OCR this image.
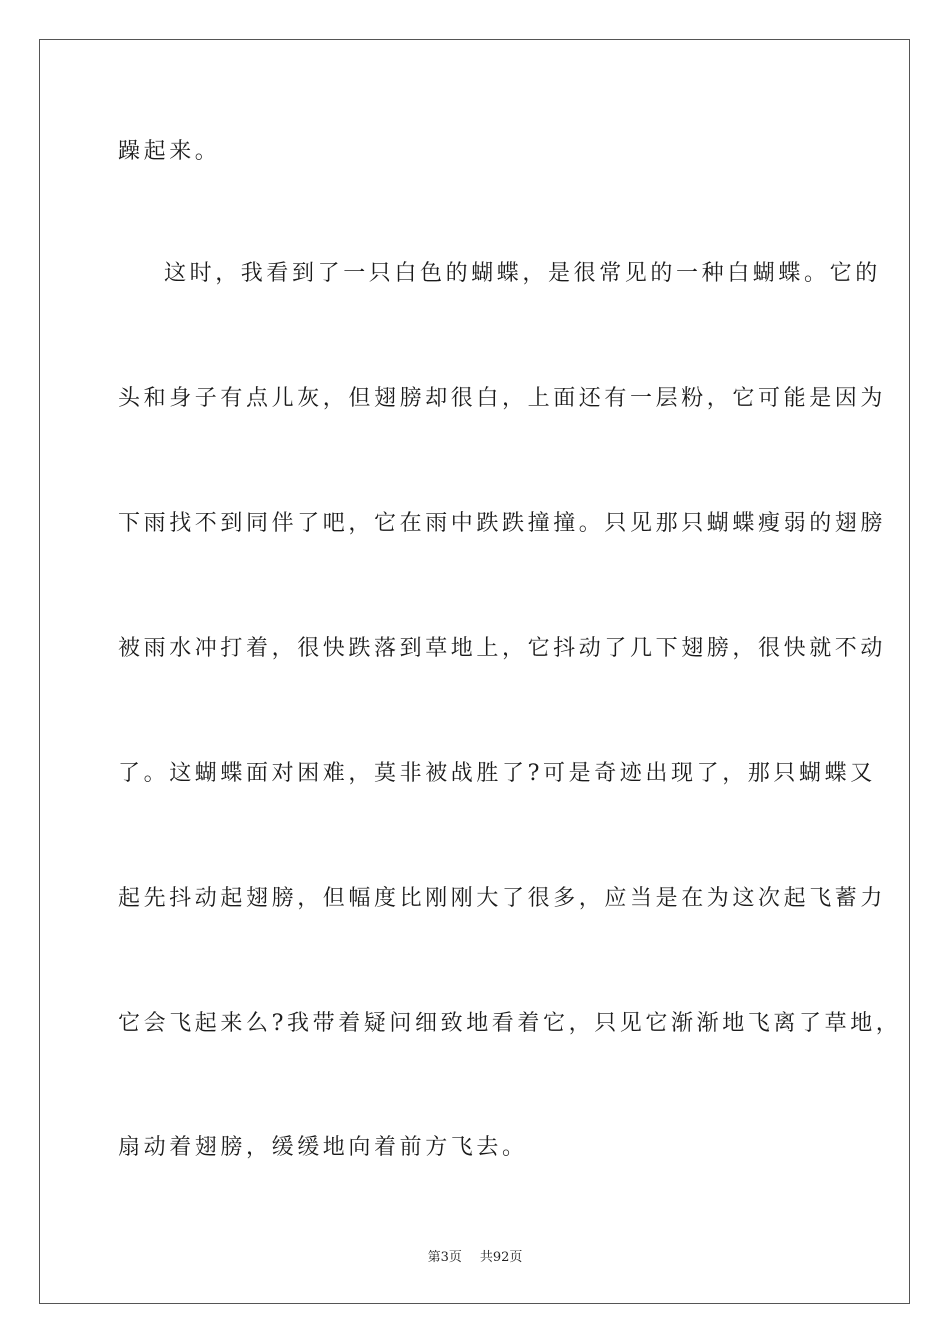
躁起来。
这时，我看到了一只白色的蝴蝶，是很常见的一种白蝴蝶。它的
头和身子有点儿灰，但翅膀却很白，上面还有一层粉，它可能是因为
下雨找不到同伴了吧，它在雨中跌跌撞撞。只见那只蝴蝶瘦弱的翅膀
被雨水冲打着，很快跌落到草地上，它抖动了几下翅膀，很快就不动
了。这蝴蝶面对困难，莫非被战胜了?可是奇迹出现了，那只蝴蝶又
起先抖动起翅膀，但幅度比刚刚大了很多，应当是在为这次起飞蓄力
它会飞起来么?我带着疑问细致地看着它，只见它渐渐地飞离了草地，
扇动着翅膀，缓缓地向着前方飞去。
第3页 共92页
